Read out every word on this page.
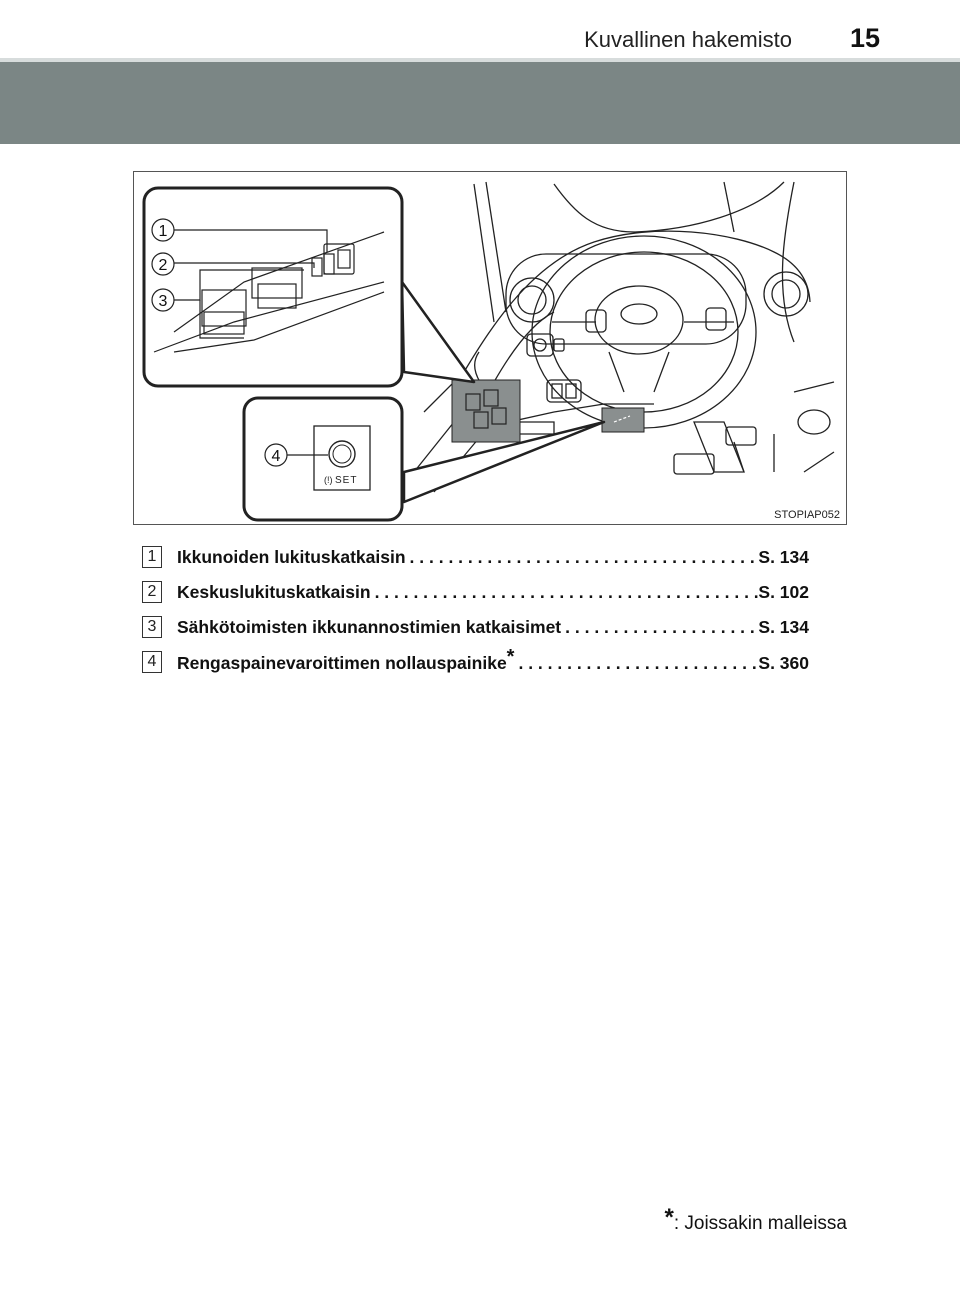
Kuvallinen hakemisto 15
1
2
3
(!) SET
4
STOPIAP052
1	Ikkunoiden lukituskatkaisin . . .	S. 134
2	Keskuslukituskatkaisin . . .	S. 102
3	Sähkötoimisten ikkunannostimien katkaisimet . . .	S. 134
4	Rengaspainevaroittimen nollauspainike * . . .	S. 360
*: Joissakin malleissa
